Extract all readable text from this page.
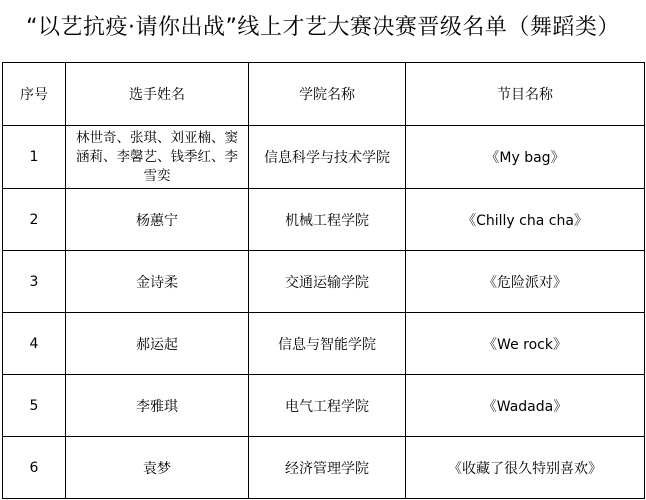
“以艺抗疫·请你出战”线上才艺大赛决赛晋级名单（舞蹈类）
序号	选手姓名	学院名称	节目名称
1	林世奇、张琪、刘亚楠、窦涵莉、李馨艺、钱季红、李雪奕	信息科学与技术学院	《My bag》
2	杨蕙宁	机械工程学院	《Chilly cha cha》
3	金诗柔	交通运输学院	《危险派对》
4	郝运起	信息与智能学院	《We rock》
5	李雅琪	电气工程学院	《Wadada》
6	袁梦	经济管理学院	《收藏了很久特别喜欢》
